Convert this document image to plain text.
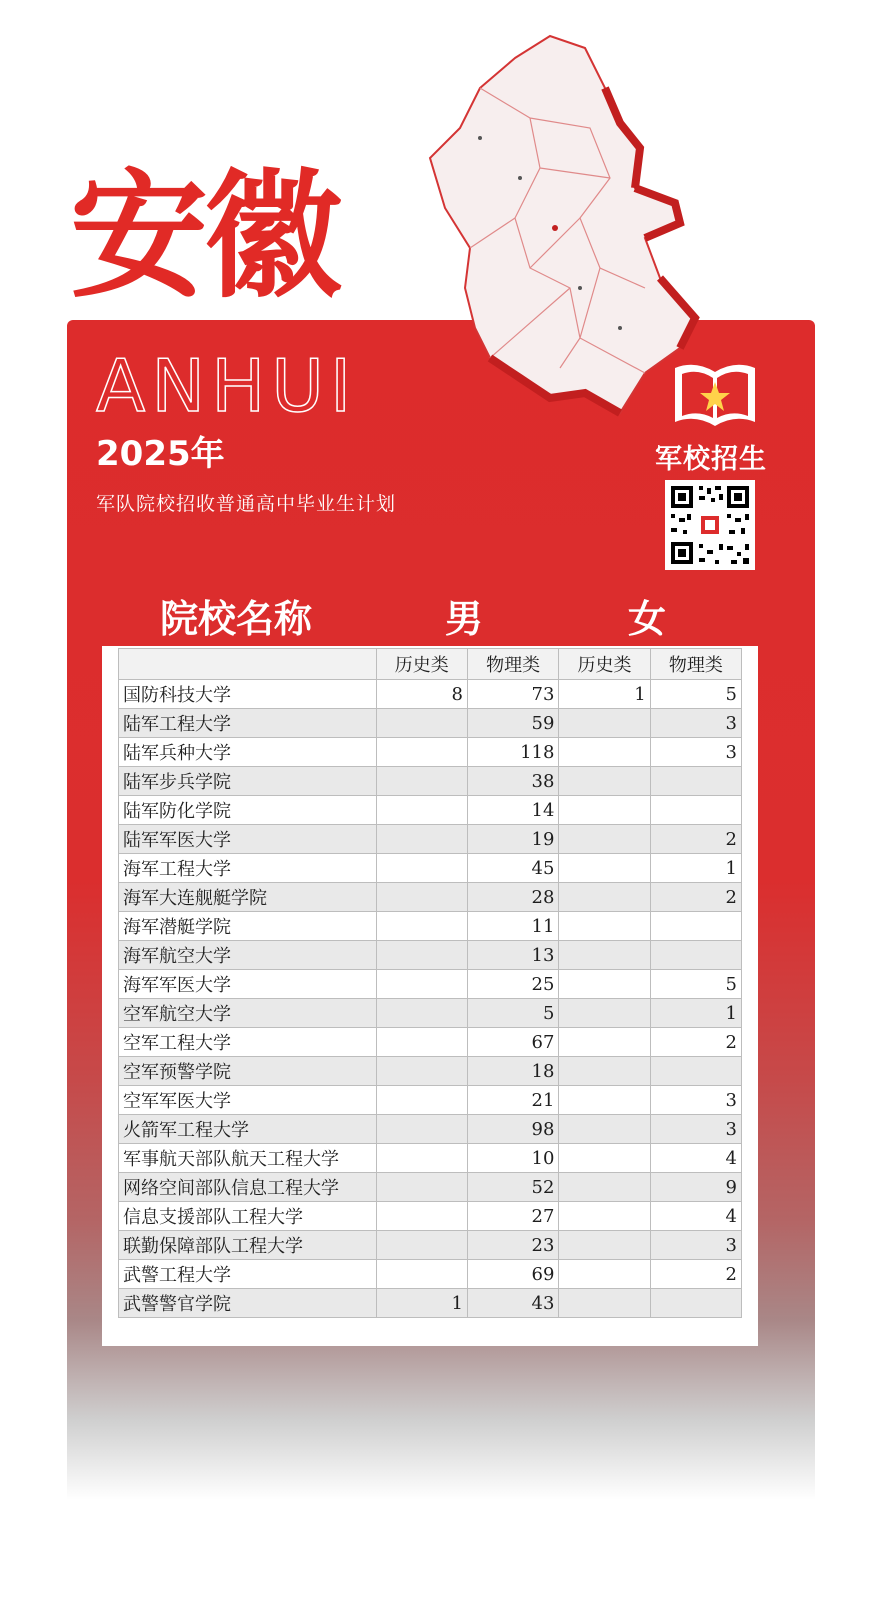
安徽
ANHUI
2025年
军队院校招收普通高中毕业生计划
军校招生
院校名称	男	女
	历史类	物理类	历史类	物理类
国防科技大学	8	73	1	5
陆军工程大学		59		3
陆军兵种大学		118		3
陆军步兵学院		38		
陆军防化学院		14		
陆军军医大学		19		2
海军工程大学		45		1
海军大连舰艇学院		28		2
海军潜艇学院		11		
海军航空大学		13		
海军军医大学		25		5
空军航空大学		5		1
空军工程大学		67		2
空军预警学院		18		
空军军医大学		21		3
火箭军工程大学		98		3
军事航天部队航天工程大学		10		4
网络空间部队信息工程大学		52		9
信息支援部队工程大学		27		4
联勤保障部队工程大学		23		3
武警工程大学		69		2
武警警官学院	1	43		
